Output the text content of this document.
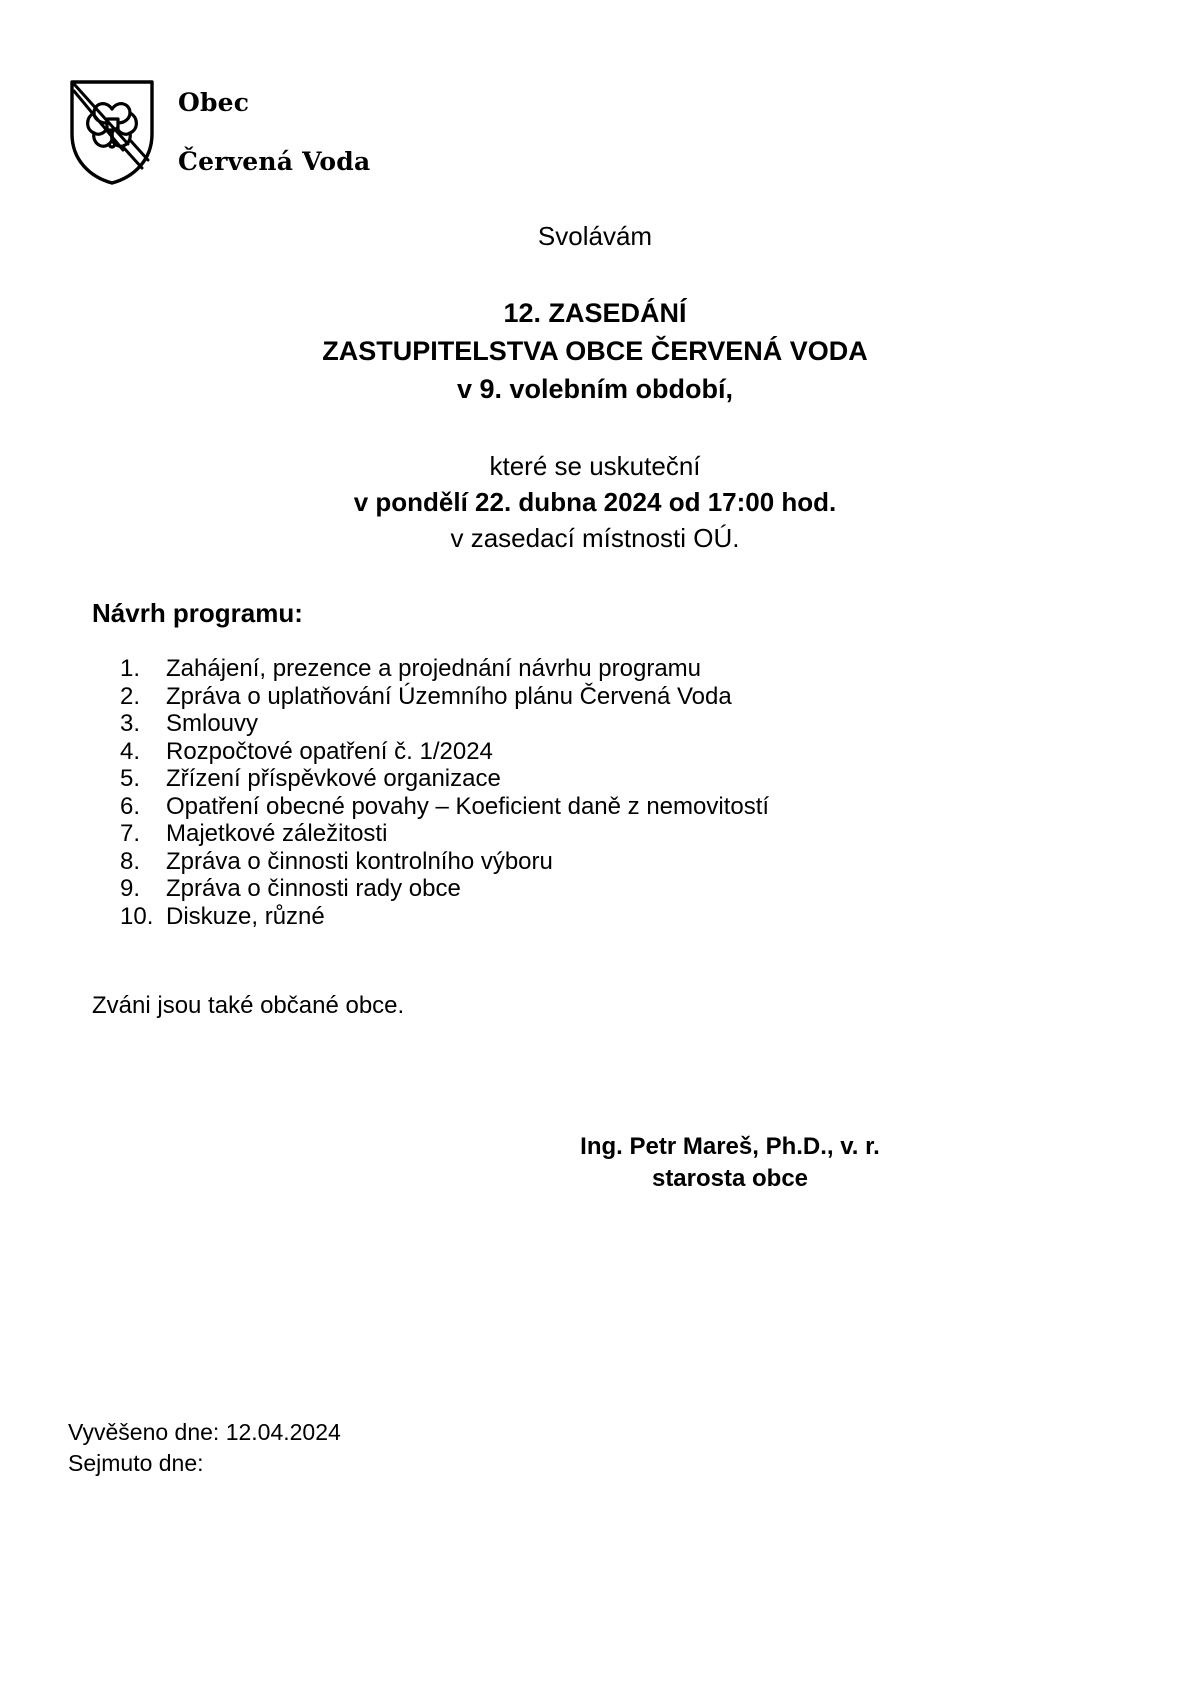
Obec

Červená Voda

Svolávám
12. ZASEDÁNÍ
ZASTUPITELSTVA OBCE ČERVENÁ VODA
v 9. volebním období,
které se uskuteční
v pondělí 22. dubna 2024 od 17:00 hod.
v zasedací místnosti OÚ.
Návrh programu:
1.	Zahájení, prezence a projednání návrhu programu
2.	Zpráva o uplatňování Územního plánu Červená Voda
3.	Smlouvy
4.	Rozpočtové opatření č. 1/2024
5.	Zřízení příspěvkové organizace
6.	Opatření obecné povahy – Koeficient daně z nemovitostí
7.	Majetkové záležitosti
8.	Zpráva o činnosti kontrolního výboru
9.	Zpráva o činnosti rady obce
10. Diskuze, různé
Zváni jsou také občané obce.
Ing. Petr Mareš, Ph.D., v. r.
starosta obce
Vyvěšeno dne: 12.04.2024
Sejmuto dne:
